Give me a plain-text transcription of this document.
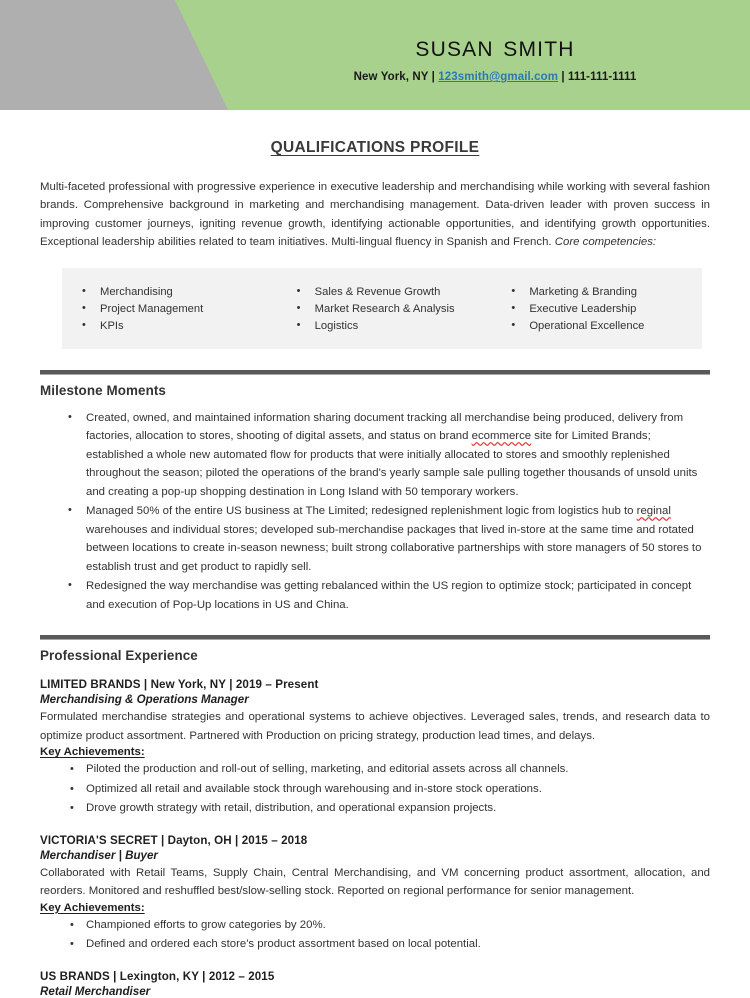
susan smith
New York, NY | 123smith@gmail.com | 111-111-1111
QUALIFICATIONS PROFILE
Multi-faceted professional with progressive experience in executive leadership and merchandising while working with several fashion brands. Comprehensive background in marketing and merchandising management. Data-driven leader with proven success in improving customer journeys, igniting revenue growth, identifying actionable opportunities, and identifying growth opportunities. Exceptional leadership abilities related to team initiatives. Multi-lingual fluency in Spanish and French. Core competencies:
• Merchandising
• Project Management
• KPIs
• Sales & Revenue Growth
• Market Research & Analysis
• Logistics
• Marketing & Branding
• Executive Leadership
• Operational Excellence
Milestone Moments
• Created, owned, and maintained information sharing document tracking all merchandise being produced, delivery from factories, allocation to stores, shooting of digital assets, and status on brand ecommerce site for Limited Brands; established a whole new automated flow for products that were initially allocated to stores and smoothly replenished throughout the season; piloted the operations of the brand's yearly sample sale pulling together thousands of unsold units and creating a pop-up shopping destination in Long Island with 50 temporary workers.
• Managed 50% of the entire US business at The Limited; redesigned replenishment logic from logistics hub to reginal warehouses and individual stores; developed sub-merchandise packages that lived in-store at the same time and rotated between locations to create in-season newness; built strong collaborative partnerships with store managers of 50 stores to establish trust and get product to rapidly sell.
• Redesigned the way merchandise was getting rebalanced within the US region to optimize stock; participated in concept and execution of Pop-Up locations in US and China.
Professional Experience
LIMITED BRANDS | New York, NY | 2019 – Present
Merchandising & Operations Manager
Formulated merchandise strategies and operational systems to achieve objectives. Leveraged sales, trends, and research data to optimize product assortment. Partnered with Production on pricing strategy, production lead times, and delays.
Key Achievements:
• Piloted the production and roll-out of selling, marketing, and editorial assets across all channels.
• Optimized all retail and available stock through warehousing and in-store stock operations.
• Drove growth strategy with retail, distribution, and operational expansion projects.
VICTORIA'S SECRET | Dayton, OH | 2015 – 2018
Merchandiser | Buyer
Collaborated with Retail Teams, Supply Chain, Central Merchandising, and VM concerning product assortment, allocation, and reorders. Monitored and reshuffled best/slow-selling stock. Reported on regional performance for senior management.
Key Achievements:
• Championed efforts to grow categories by 20%.
• Defined and ordered each store's product assortment based on local potential.
US BRANDS | Lexington, KY | 2012 – 2015
Retail Merchandiser
